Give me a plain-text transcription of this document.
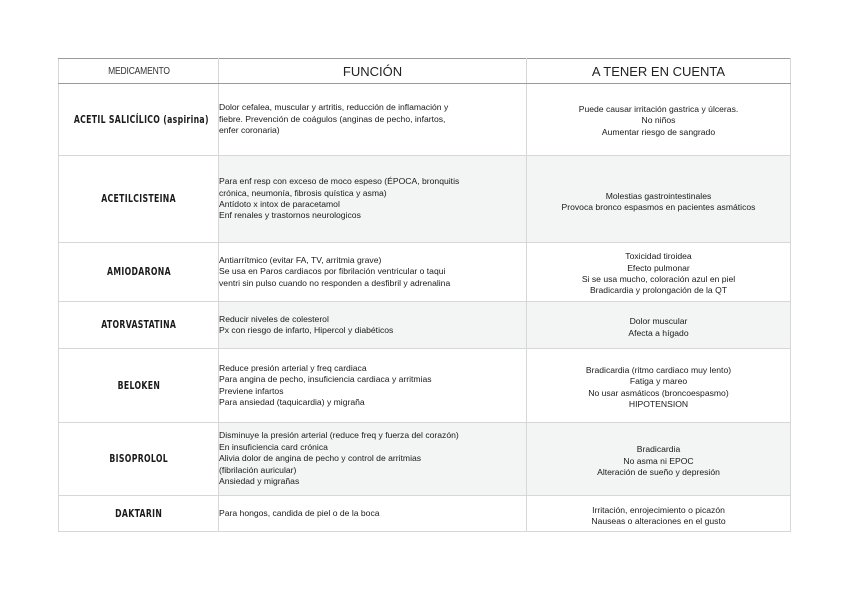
MEDICAMENTO	FUNCIÓN	A TENER EN CUENTA
ACETIL SALICÍLICO (aspirina)	Dolor cefalea, muscular y artritis, reducción de inflamación y
fiebre. Prevención de coágulos (anginas de pecho, infartos,
enfer coronaria)	Puede causar irritación gastrica y úlceras.
No niños
Aumentar riesgo de sangrado

ACETILCISTEINA	Para enf resp con exceso de moco espeso (ÉPOCA, bronquitis
crónica, neumonía, fibrosis quística y asma)
Antídoto x intox de paracetamol
Enf renales y trastornos neurologicos	Molestias gastrointestinales
Provoca bronco espasmos en pacientes asmáticos

AMIODARONA	Antiarrítmico (evitar FA, TV, arritmia grave)
Se usa en Paros cardiacos por fibrilación ventricular o taqui
ventri sin pulso cuando no responden a desfibril y adrenalina	Toxicidad tiroidea
Efecto pulmonar
Si se usa mucho, coloración azul en piel
Bradicardia y prolongación de la QT

ATORVASTATINA	Reducir niveles de colesterol
Px con riesgo de infarto, Hipercol y diabéticos	Dolor muscular
Afecta a hígado

BELOKEN	Reduce presión arterial y freq cardiaca
Para angina de pecho, insuficiencia cardiaca y arritmias
Previene infartos
Para ansiedad (taquicardia) y migraña	Bradicardia (ritmo cardiaco muy lento)
Fatiga y mareo
No usar asmáticos (broncoespasmo)
HIPOTENSION

BISOPROLOL	Disminuye la presión arterial (reduce freq y fuerza del corazón)
En insuficiencia card crónica
Alivia dolor de angina de pecho y control de arritmias
(fibrilación auricular)
Ansiedad y migrañas	Bradicardia
No asma ni EPOC
Alteración de sueño y depresión

DAKTARIN	Para hongos, candida de piel o de la boca	Irritación, enrojecimiento o picazón
Nauseas o alteraciones en el gusto
